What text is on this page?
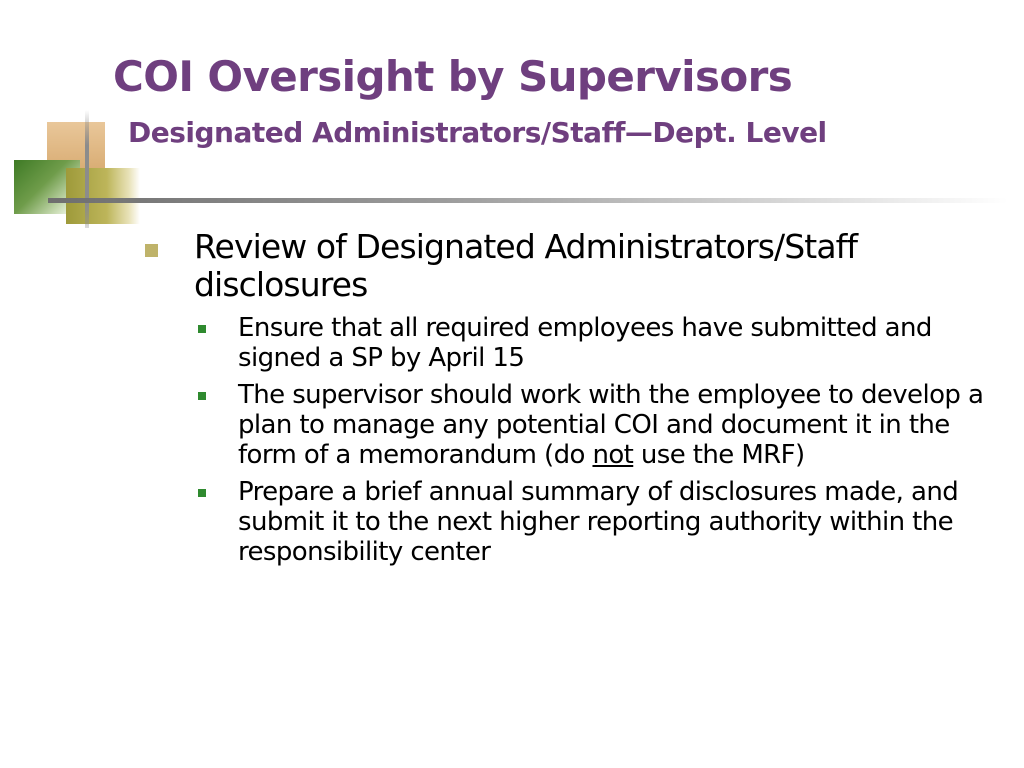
COI Oversight by Supervisors
Designated Administrators/Staff—Dept. Level
Review of Designated Administrators/Staff disclosures
Ensure that all required employees have submitted and signed a SP by April 15
The supervisor should work with the employee to develop a plan to manage any potential COI and document it in the form of a memorandum (do not use the MRF)
Prepare a brief annual summary of disclosures made, and submit it to the next higher reporting authority within the responsibility center
